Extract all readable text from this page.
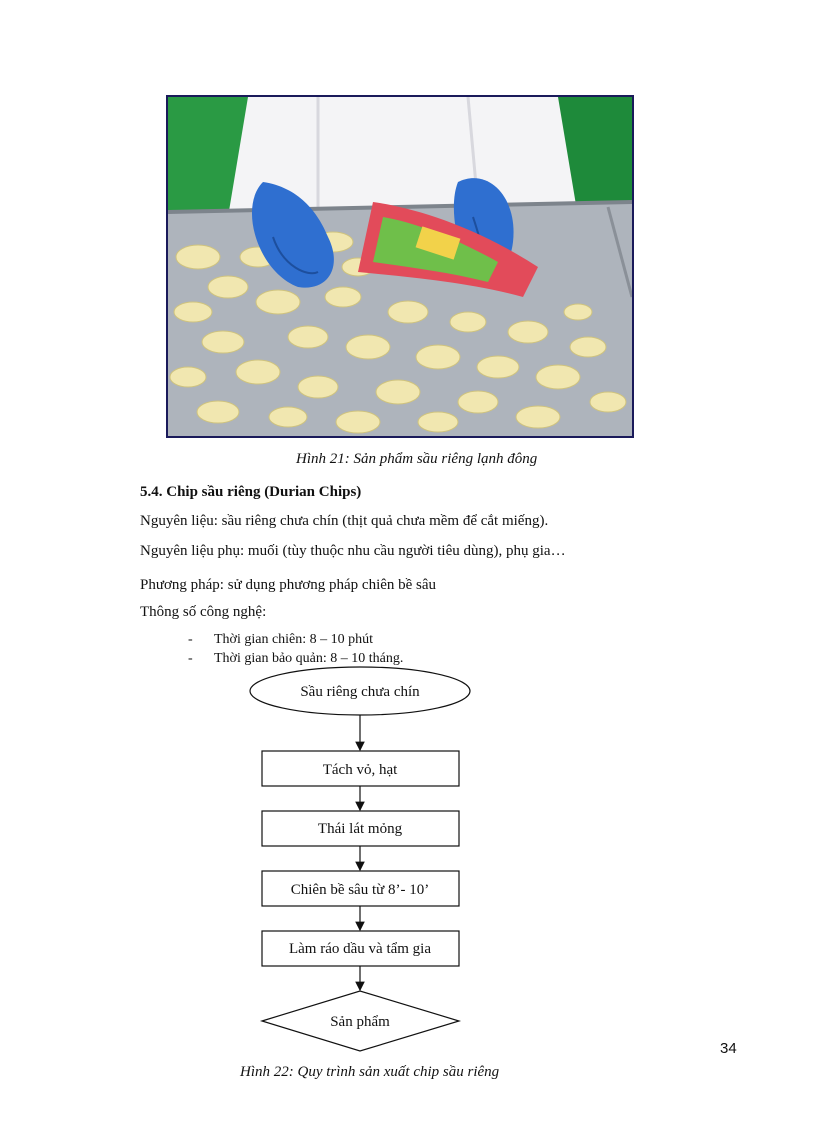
Hình 21: Sản phẩm sầu riêng lạnh đông
5.4. Chip sầu riêng (Durian Chips)
Nguyên liệu: sầu riêng chưa chín (thịt quả chưa mềm để cắt miếng).
Nguyên liệu phụ: muối (tùy thuộc nhu cầu người tiêu dùng), phụ gia…
Phương pháp: sử dụng phương pháp chiên bề sâu
Thông số công nghệ:
- Thời gian chiên: 8 – 10 phút
- Thời gian bảo quản: 8 – 10 tháng.
Sầu riêng chưa chín
Tách vỏ, hạt
Thái lát mỏng
Chiên bề sâu từ 8’- 10’
Làm ráo dầu và tẩm gia
Sản phẩm
34
Hình 22: Quy trình sản xuất chip sầu riêng
